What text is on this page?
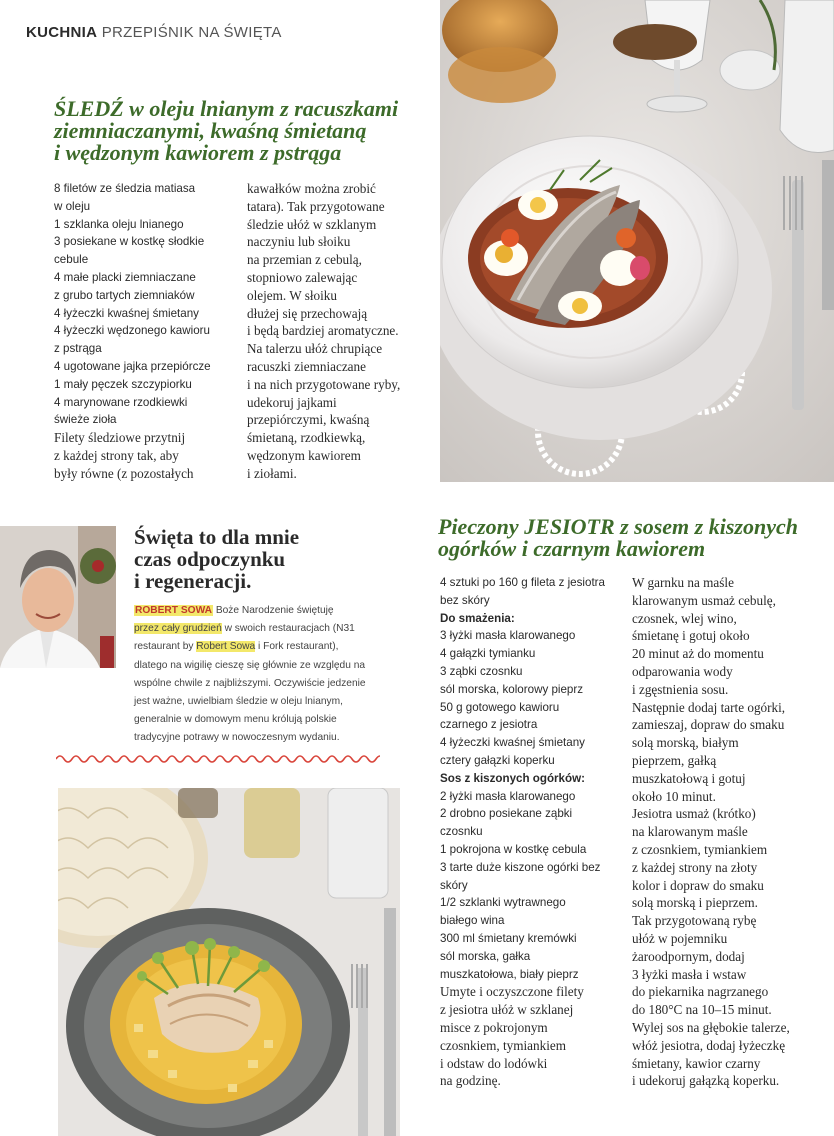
KUCHNIA PRZEPIŚNIK NA ŚWIĘTA
ŚLEDŹ w oleju lnianym z racuszkami
ziemniaczanymi, kwaśną śmietaną
i wędzonym kawiorem z pstrąga
8 filetów ze śledzia matiasa
w oleju
1 szklanka oleju lnianego
3 posiekane w kostkę słodkie
cebule
4 małe placki ziemniaczane
z grubo tartych ziemniaków
4 łyżeczki kwaśnej śmietany
4 łyżeczki wędzonego kawioru
z pstrąga
4 ugotowane jajka przepiórcze
1 mały pęczek szczypiorku
4 marynowane rzodkiewki
świeże zioła
Filety śledziowe przytnij
z każdej strony tak, aby
były równe (z pozostałych
kawałków można zrobić
tatara). Tak przygotowane
śledzie ułóż w szklanym
naczyniu lub słoiku
na przemian z cebulą,
stopniowo zalewając
olejem. W słoiku
dłużej się przechowają
i będą bardziej aromatyczne.
Na talerzu ułóż chrupiące
racuszki ziemniaczane
i na nich przygotowane ryby,
udekoruj jajkami
przepiórczymi, kwaśną
śmietaną, rzodkiewką,
wędzonym kawiorem
i ziołami.
Święta to dla mnie
czas odpoczynku
i regeneracji.
ROBERT SOWA Boże Narodzenie świętuję
przez cały grudzień w swoich restauracjach (N31
restaurant by Robert Sowa i Fork restaurant),
dlatego na wigilię cieszę się głównie ze względu na
wspólne chwile z najbliższymi. Oczywiście jedzenie
jest ważne, uwielbiam śledzie w oleju lnianym,
generalnie w domowym menu królują polskie
tradycyjne potrawy w nowoczesnym wydaniu.
Pieczony JESIOTR z sosem z kiszonych
ogórków i czarnym kawiorem
4 sztuki po 160 g fileta z jesiotra
bez skóry
Do smażenia:
3 łyżki masła klarowanego
4 gałązki tymianku
3 ząbki czosnku
sól morska, kolorowy pieprz
50 g gotowego kawioru
czarnego z jesiotra
4 łyżeczki kwaśnej śmietany
cztery gałązki koperku
Sos z kiszonych ogórków:
2 łyżki masła klarowanego
2 drobno posiekane ząbki
czosnku
1 pokrojona w kostkę cebula
3 tarte duże kiszone ogórki bez
skóry
1/2 szklanki wytrawnego
białego wina
300 ml śmietany kremówki
sól morska, gałka
muszkatołowa, biały pieprz
Umyte i oczyszczone filety
z jesiotra ułóż w szklanej
misce z pokrojonym
czosnkiem, tymiankiem
i odstaw do lodówki
na godzinę.
W garnku na maśle
klarowanym usmaż cebulę,
czosnek, wlej wino,
śmietanę i gotuj około
20 minut aż do momentu
odparowania wody
i zgęstnienia sosu.
Następnie dodaj tarte ogórki,
zamieszaj, dopraw do smaku
solą morską, białym
pieprzem, gałką
muszkatołową i gotuj
około 10 minut.
Jesiotra usmaż (krótko)
na klarowanym maśle
z czosnkiem, tymiankiem
z każdej strony na złoty
kolor i dopraw do smaku
solą morską i pieprzem.
Tak przygotowaną rybę
ułóż w pojemniku
żaroodpornym, dodaj
3 łyżki masła i wstaw
do piekarnika nagrzanego
do 180°C na 10–15 minut.
Wylej sos na głębokie talerze,
włóż jesiotra, dodaj łyżeczkę
śmietany, kawior czarny
i udekoruj gałązką koperku.
